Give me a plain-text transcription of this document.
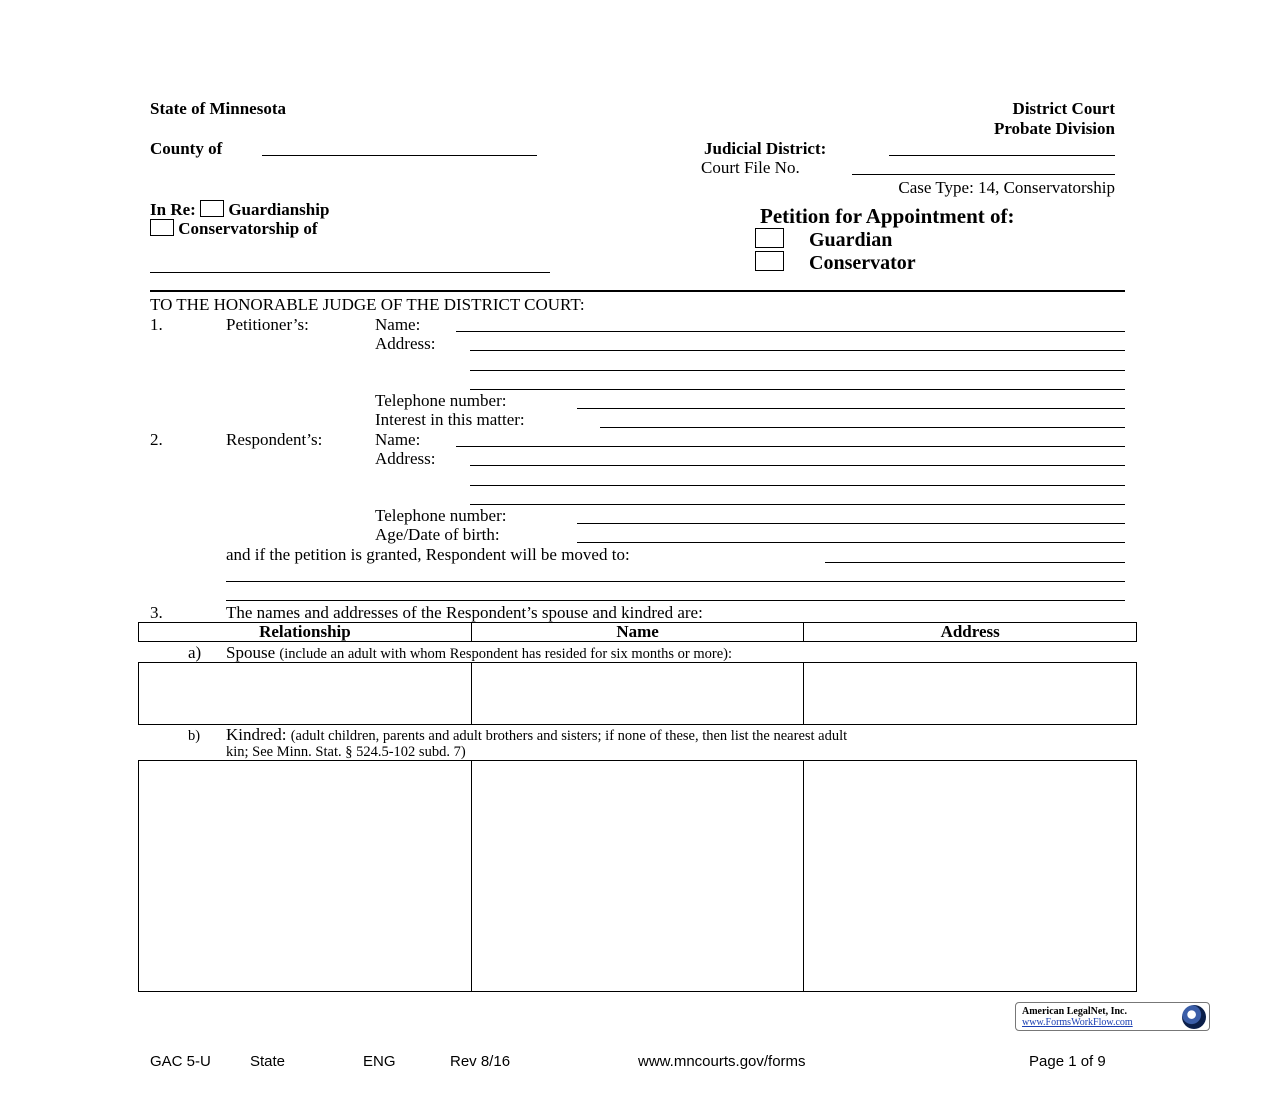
State of Minnesota
County of
District Court
Probate Division
Judicial District:
Court File No.
Case Type: 14, Conservatorship
In Re: Guardianship
Conservatorship of
Petition for Appointment of:
Guardian
Conservator
TO THE HONORABLE JUDGE OF THE DISTRICT COURT:
1.	Petitioner’s:	Name:
Address:
Telephone number:
Interest in this matter:
2.	Respondent’s:	Name:
Address:
Telephone number:
Age/Date of birth:
and if the petition is granted, Respondent will be moved to:
3.	The names and addresses of the Respondent’s spouse and kindred are:
Relationship	Name	Address
a) Spouse (include an adult with whom Respondent has resided for six months or more):

b) Kindred: (adult children, parents and adult brothers and sisters; if none of these, then list the nearest adult
kin; See Minn. Stat. § 524.5-102 subd. 7)

American LegalNet, Inc.
www.FormsWorkFlow.com
GAC 5-U	State	ENG	Rev 8/16	www.mncourts.gov/forms	Page 1 of 9
